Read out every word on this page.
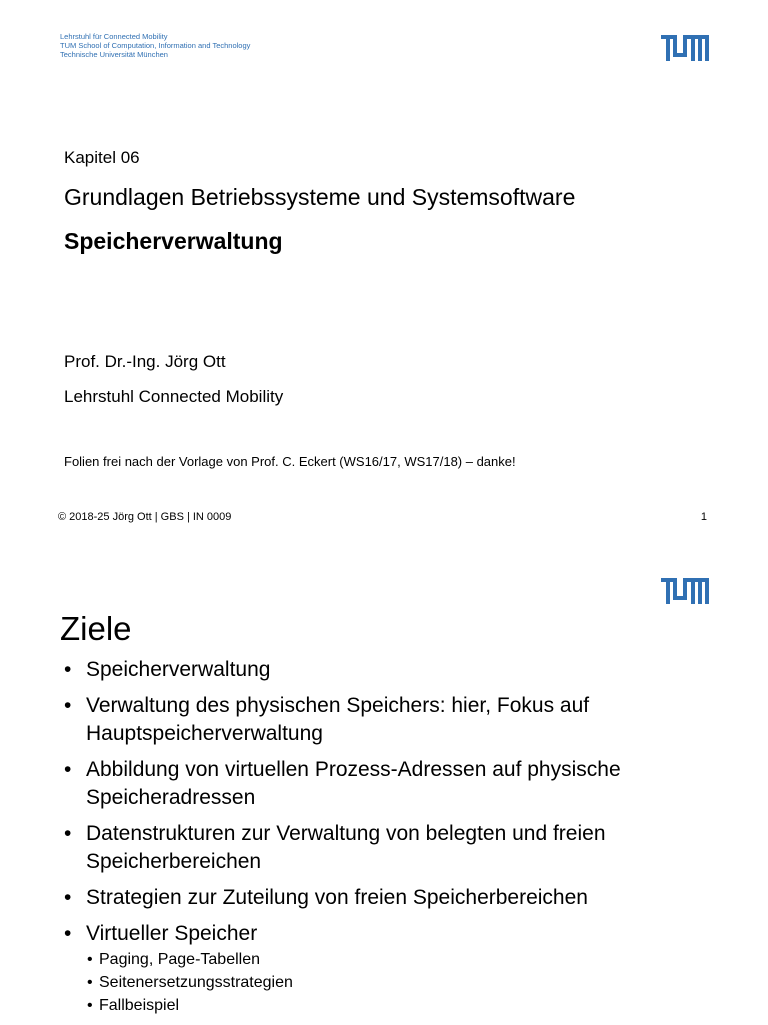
Lehrstuhl für Connected Mobility
TUM School of Computation, Information and Technology
Technische Universität München
Kapitel 06
Grundlagen Betriebssysteme und Systemsoftware
Speicherverwaltung
Prof. Dr.-Ing. Jörg Ott
Lehrstuhl Connected Mobility
Folien frei nach der Vorlage von Prof. C. Eckert (WS16/17, WS17/18) – danke!
© 2018-25 Jörg Ott | GBS | IN 0009	1
Ziele
• Speicherverwaltung
• Verwaltung des physischen Speichers: hier, Fokus auf Hauptspeicherverwaltung
• Abbildung von virtuellen Prozess-Adressen auf physische Speicheradressen
• Datenstrukturen zur Verwaltung von belegten und freien Speicherbereichen
• Strategien zur Zuteilung von freien Speicherbereichen
• Virtueller Speicher
• Paging, Page-Tabellen
• Seitenersetzungsstrategien
• Fallbeispiel
